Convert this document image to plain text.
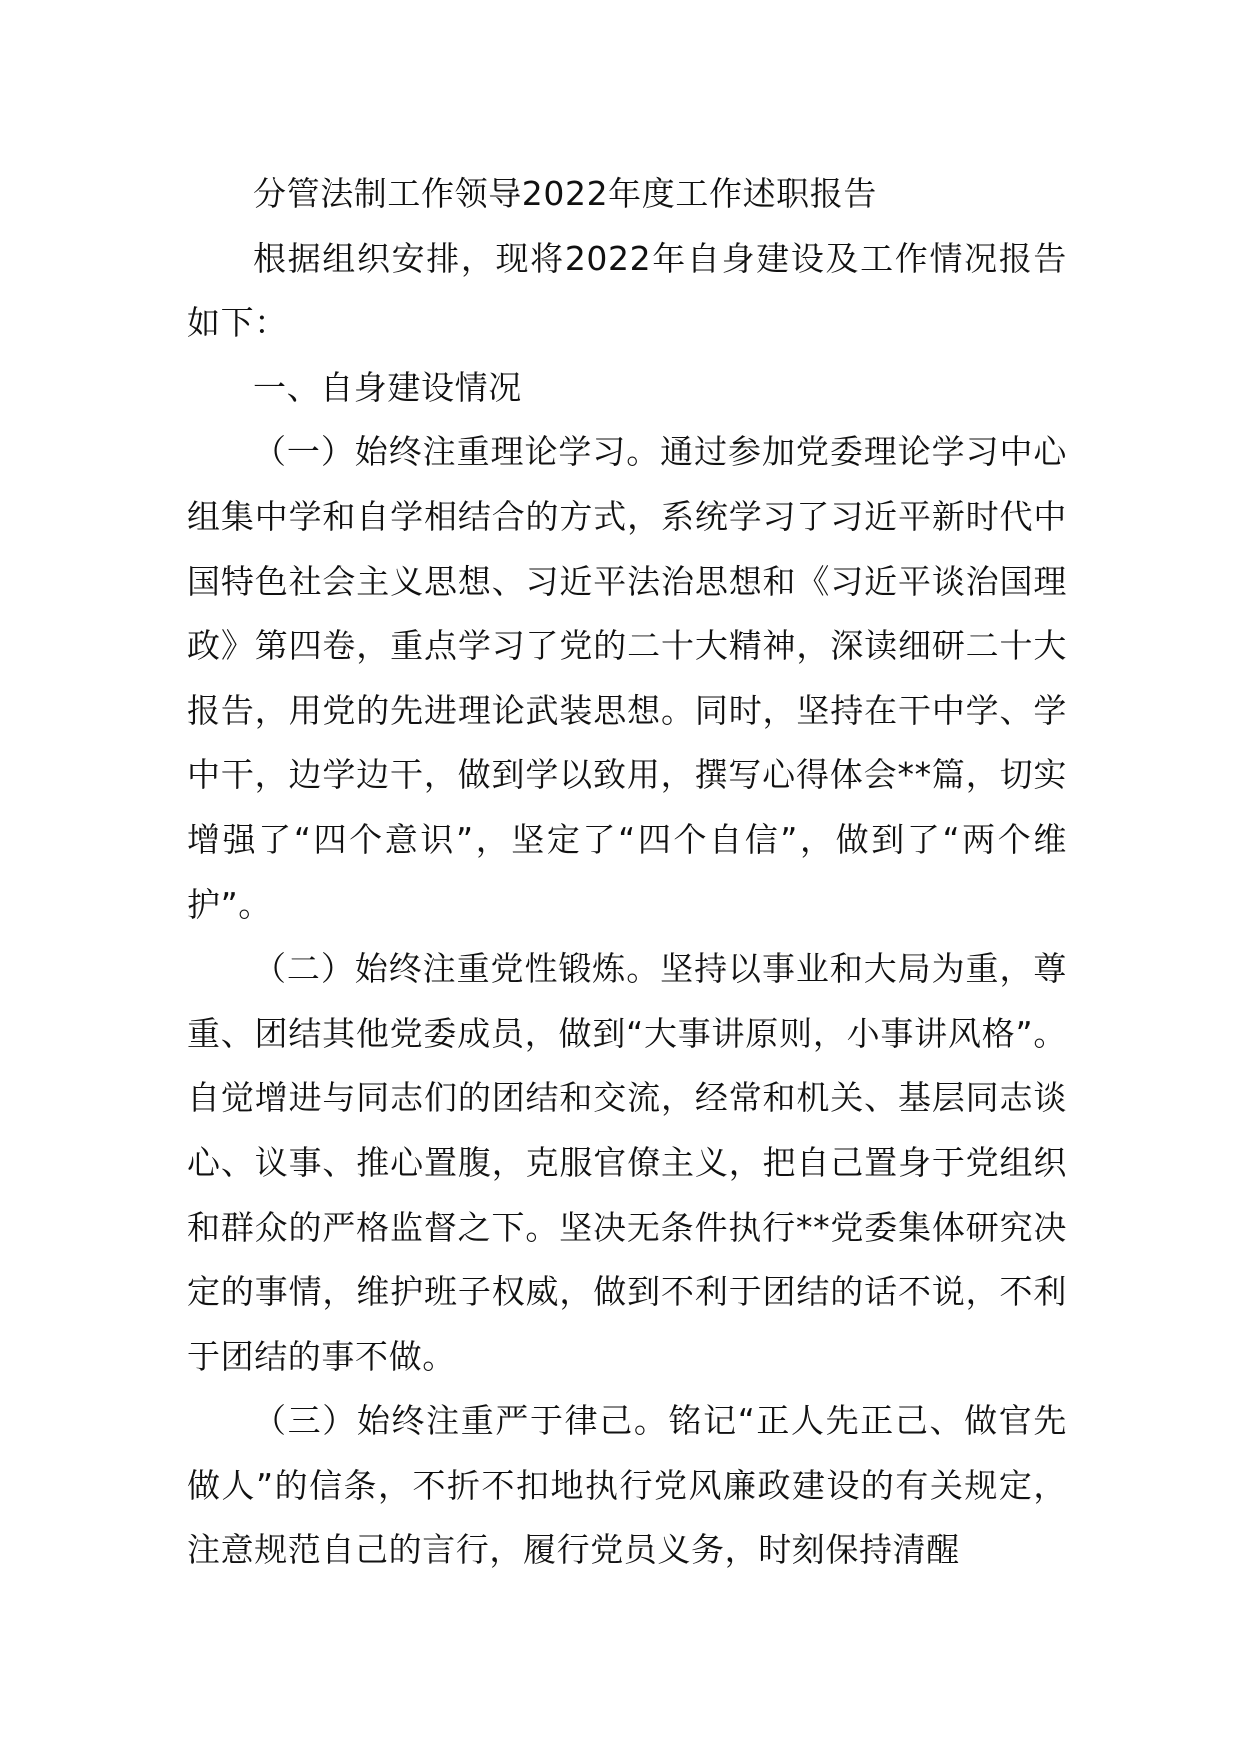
分管法制工作领导2022年度工作述职报告

根据组织安排，现将2022年自身建设及工作情况报告如下：

一、自身建设情况

（一）始终注重理论学习。通过参加党委理论学习中心组集中学和自学相结合的方式，系统学习了习近平新时代中国特色社会主义思想、习近平法治思想和《习近平谈治国理政》第四卷，重点学习了党的二十大精神，深读细研二十大报告，用党的先进理论武装思想。同时，坚持在干中学、学中干，边学边干，做到学以致用，撰写心得体会**篇，切实增强了“四个意识”，坚定了“四个自信”，做到了“两个维护”。

（二）始终注重党性锻炼。坚持以事业和大局为重，尊重、团结其他党委成员，做到“大事讲原则，小事讲风格”。自觉增进与同志们的团结和交流，经常和机关、基层同志谈心、议事、推心置腹，克服官僚主义，把自己置身于党组织和群众的严格监督之下。坚决无条件执行**党委集体研究决定的事情，维护班子权威，做到不利于团结的话不说，不利于团结的事不做。

（三）始终注重严于律己。铭记“正人先正己、做官先做人”的信条，不折不扣地执行党风廉政建设的有关规定，注意规范自己的言行，履行党员义务，时刻保持清醒
